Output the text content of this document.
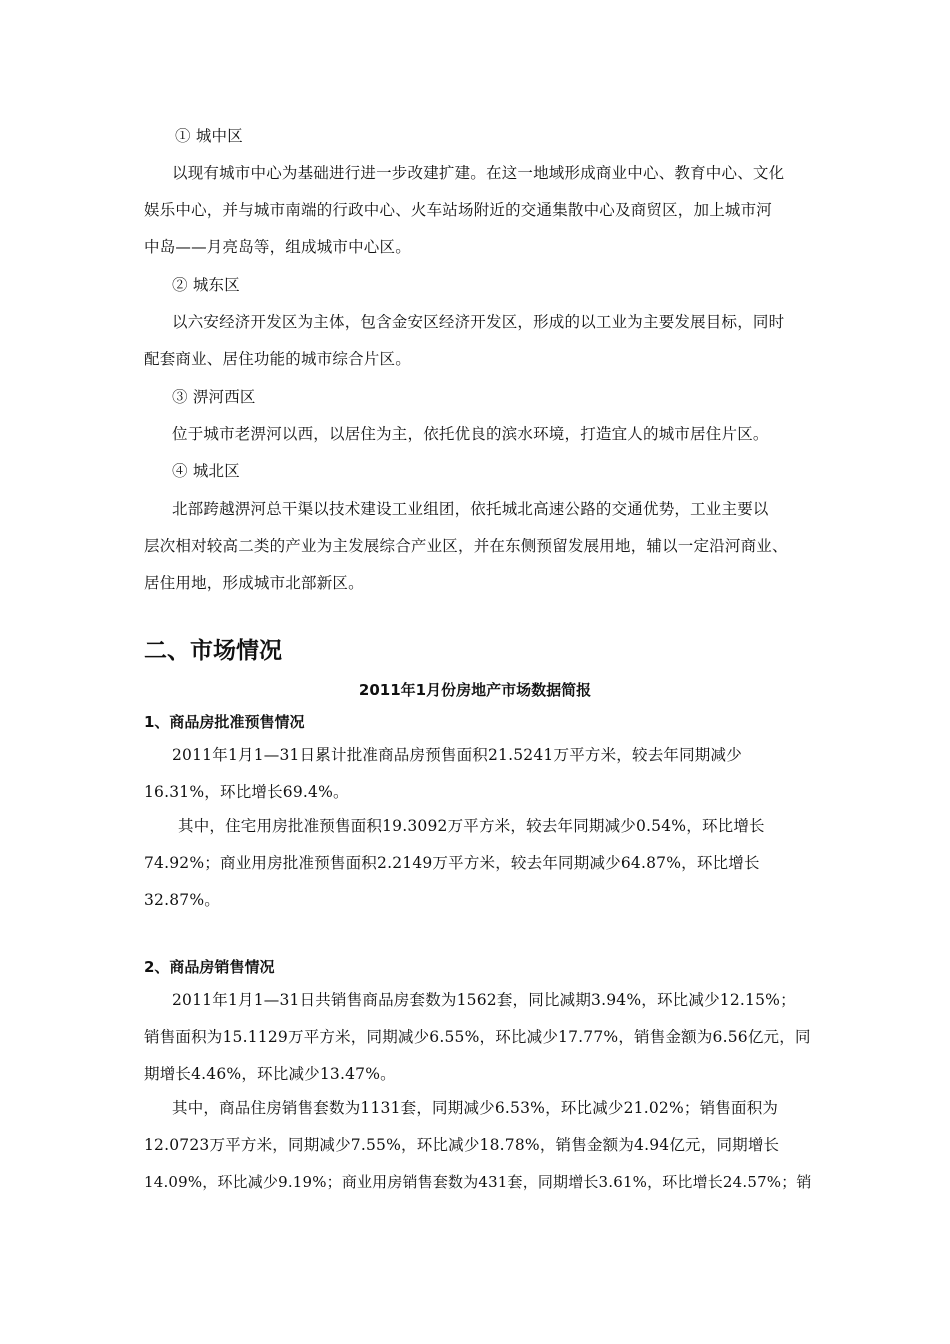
① 城中区
以现有城市中心为基础进行进一步改建扩建。在这一地域形成商业中心、教育中心、文化
娱乐中心，并与城市南端的行政中心、火车站场附近的交通集散中心及商贸区，加上城市河
中岛——月亮岛等，组成城市中心区。
② 城东区
以六安经济开发区为主体，包含金安区经济开发区，形成的以工业为主要发展目标，同时
配套商业、居住功能的城市综合片区。
③ 淠河西区
位于城市老淠河以西，以居住为主，依托优良的滨水环境，打造宜人的城市居住片区。
④ 城北区
北部跨越淠河总干渠以技术建设工业组团，依托城北高速公路的交通优势，工业主要以
层次相对较高二类的产业为主发展综合产业区，并在东侧预留发展用地，辅以一定沿河商业、
居住用地，形成城市北部新区。
二、市场情况
2011年1月份房地产市场数据简报
1、商品房批准预售情况
2011年1月1—31日累计批准商品房预售面积21.5241万平方米，较去年同期减少
16.31%，环比增长69.4%。
其中，住宅用房批准预售面积19.3092万平方米，较去年同期减少0.54%，环比增长
74.92%；商业用房批准预售面积2.2149万平方米，较去年同期减少64.87%，环比增长
32.87%。
2、商品房销售情况
2011年1月1—31日共销售商品房套数为1562套，同比减期3.94%，环比减少12.15%；
销售面积为15.1129万平方米，同期减少6.55%，环比减少17.77%，销售金额为6.56亿元，同
期增长4.46%，环比减少13.47%。
其中，商品住房销售套数为1131套，同期减少6.53%，环比减少21.02%；销售面积为
12.0723万平方米，同期减少7.55%，环比减少18.78%，销售金额为4.94亿元，同期增长
14.09%，环比减少9.19%；商业用房销售套数为431套，同期增长3.61%，环比增长24.57%；销
